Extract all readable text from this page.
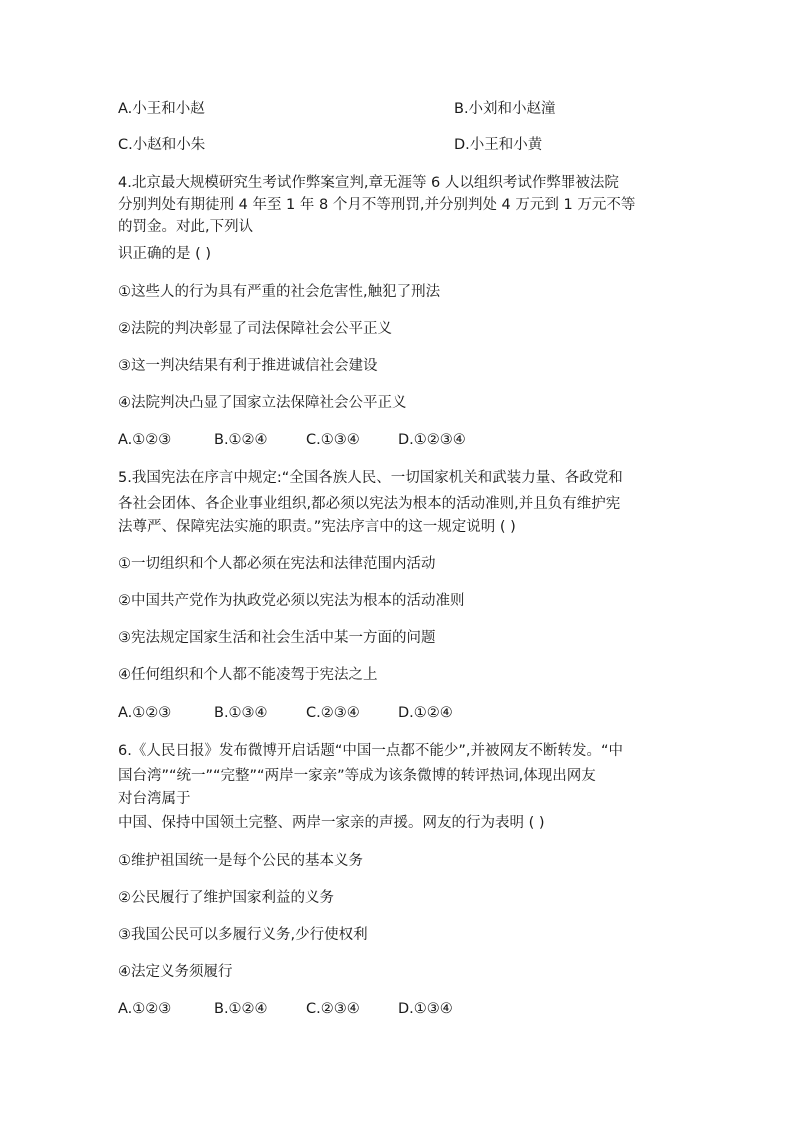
A.小王和小赵	B.小刘和小赵潼

C.小赵和小朱	D.小王和小黄

4.北京最大规模研究生考试作弊案宣判,章无涯等 6 人以组织考试作弊罪被法院

分别判处有期徒刑 4 年至 1 年 8 个月不等刑罚,并分别判处 4 万元到 1 万元不等

的罚金。对此,下列认

识正确的是 ( )

①这些人的行为具有严重的社会危害性,触犯了刑法

②法院的判决彰显了司法保障社会公平正义

③这一判决结果有利于推进诚信社会建设

④法院判决凸显了国家立法保障社会公平正义

A.①②③	B.①②④	C.①③④	D.①②③④

5.我国宪法在序言中规定:“全国各族人民、一切国家机关和武装力量、各政党和

各社会团体、各企业事业组织,都必须以宪法为根本的活动准则,并且负有维护宪

法尊严、保障宪法实施的职责。”宪法序言中的这一规定说明 ( )

①一切组织和个人都必须在宪法和法律范围内活动

②中国共产党作为执政党必须以宪法为根本的活动准则

③宪法规定国家生活和社会生活中某一方面的问题

④任何组织和个人都不能凌驾于宪法之上

A.①②③	B.①③④	C.②③④	D.①②④

6.《人民日报》发布微博开启话题“中国一点都不能少”,并被网友不断转发。“中

国台湾”“统一”“完整”“两岸一家亲”等成为该条微博的转评热词,体现出网友

对台湾属于

中国、保持中国领土完整、两岸一家亲的声援。网友的行为表明 ( )

①维护祖国统一是每个公民的基本义务

②公民履行了维护国家利益的义务

③我国公民可以多履行义务,少行使权利

④法定义务须履行

A.①②③	B.①②④	C.②③④	D.①③④
